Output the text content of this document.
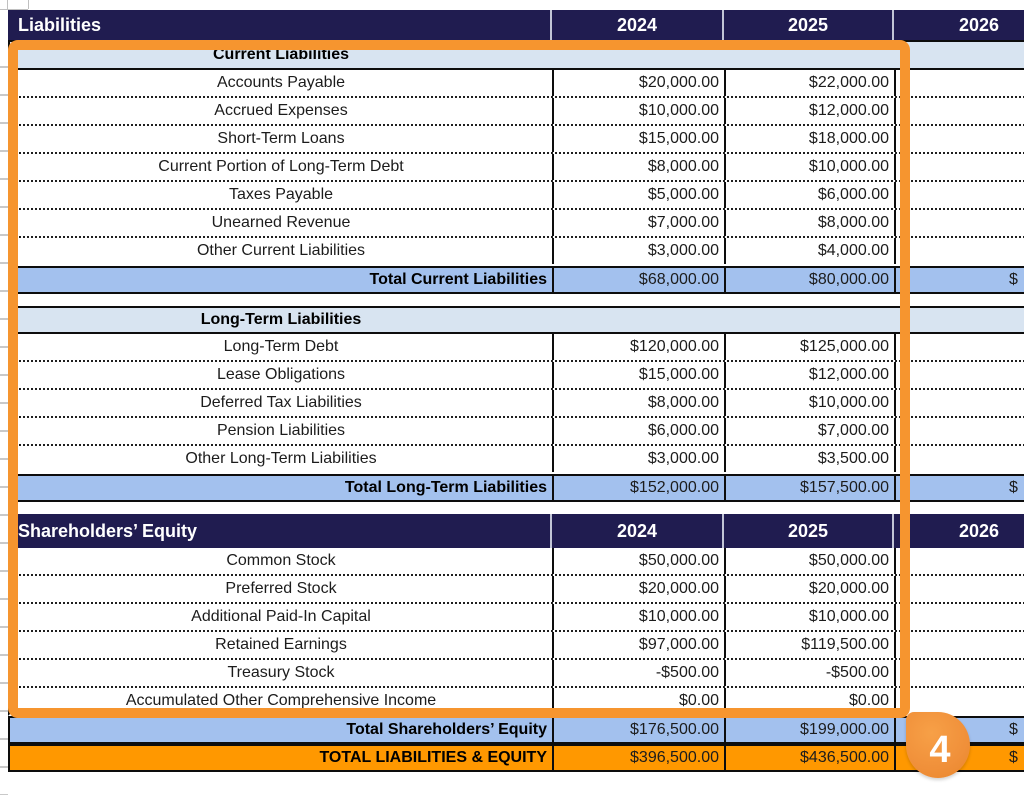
Liabilities	2024	2025	2026
Current Liabilities
Accounts Payable	$20,000.00	$22,000.00
Accrued Expenses	$10,000.00	$12,000.00
Short-Term Loans	$15,000.00	$18,000.00
Current Portion of Long-Term Debt	$8,000.00	$10,000.00
Taxes Payable	$5,000.00	$6,000.00
Unearned Revenue	$7,000.00	$8,000.00
Other Current Liabilities	$3,000.00	$4,000.00
Total Current Liabilities	$68,000.00	$80,000.00	$
Long-Term Liabilities
Long-Term Debt	$120,000.00	$125,000.00
Lease Obligations	$15,000.00	$12,000.00
Deferred Tax Liabilities	$8,000.00	$10,000.00
Pension Liabilities	$6,000.00	$7,000.00
Other Long-Term Liabilities	$3,000.00	$3,500.00
Total Long-Term Liabilities	$152,000.00	$157,500.00	$
Shareholders’ Equity	2024	2025	2026
Common Stock	$50,000.00	$50,000.00
Preferred Stock	$20,000.00	$20,000.00
Additional Paid-In Capital	$10,000.00	$10,000.00
Retained Earnings	$97,000.00	$119,500.00
Treasury Stock	-$500.00	-$500.00
Accumulated Other Comprehensive Income	$0.00	$0.00
Total Shareholders’ Equity	$176,500.00	$199,000.00	$
TOTAL LIABILITIES & EQUITY	$396,500.00	$436,500.00	$
4
